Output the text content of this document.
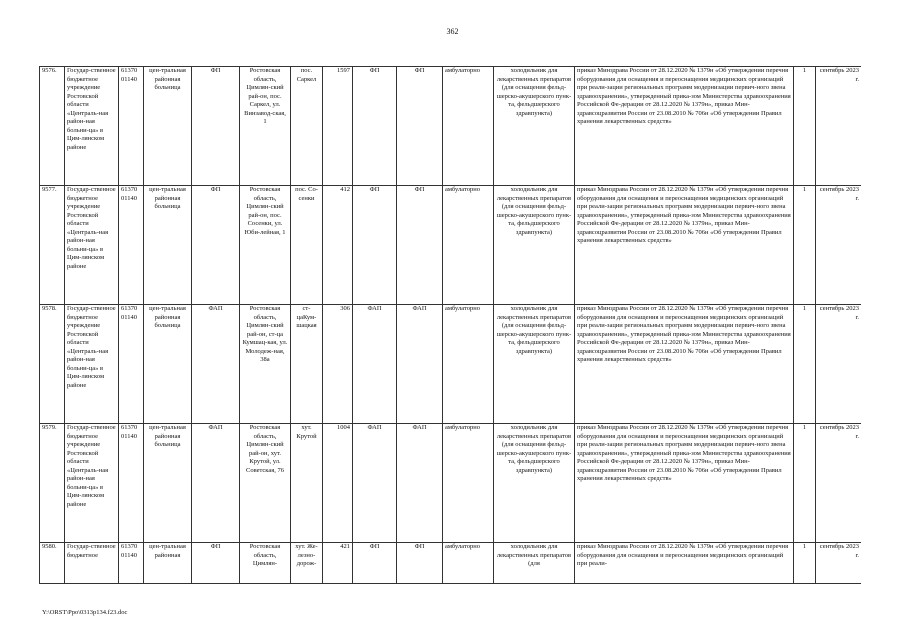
362
9576.	Государ-ственное бюджетное учреждение Ростовской области «Централь-ная район-ная больни-ца» в Цим-лянском районе	61370 01140	цен-тральная районная больница	ФП	Ростовская область, Цимлян-ский рай-он, пос. Саркел, ул. Винзавод-ская, 1	пос. Саркел	1597	ФП	ФП	амбулаторно	холодильник для лекарственных препаратов (для оснащения фельд-шерско-акушерского пунк-та, фельдшерского здравпункта)	приказ Минздрава России от 28.12.2020 № 1379н «Об утверждении перечня оборудования для оснащения и переоснащения медицинских организаций при реали-зации региональных программ модернизации первич-ного звена здравоохранения», утвержденный прика-зом Министерства здравоохранения Российской Фе-дерации от 28.12.2020 № 1379н», приказ Мин-здравсоцразвития России от 23.08.2010 № 706н «Об утверждении Правил хранения лекарственных средств»	1	сентябрь 2023 г.
9577.	Государ-ственное бюджетное учреждение Ростовской области «Централь-ная район-ная больни-ца» в Цим-лянском районе	61370 01140	цен-тральная районная больница	ФП	Ростовская область, Цимлян-ский рай-он, пос. Сосенки, ул. Юби-лейная, 1	пос. Со-сенки	412	ФП	ФП	амбулаторно	холодильник для лекарственных препаратов (для оснащения фельд-шерско-акушерского пунк-та, фельдшерского здравпункта)	приказ Минздрава России от 28.12.2020 № 1379н «Об утверждении перечня оборудования для оснащения и переоснащения медицинских организаций при реали-зации региональных программ модернизации первич-ного звена здравоохранения», утвержденный прика-зом Министерства здравоохранения Российской Фе-дерации от 28.12.2020 № 1379н», приказ Мин-здравсоцразвития России от 23.08.2010 № 706н «Об утверждении Правил хранения лекарственных средств»	1	сентябрь 2023 г.
9578.	Государ-ственное бюджетное учреждение Ростовской области «Централь-ная район-ная больни-ца» в Цим-лянском районе	61370 01140	цен-тральная районная больница	ФАП	Ростовская область, Цимлян-ский рай-он, ст-ца Кумшац-кая, ул. Молодеж-ная, 38а	ст-цаКум-шацкая	306	ФАП	ФАП	амбулаторно	холодильник для лекарственных препаратов (для оснащения фельд-шерско-акушерского пунк-та, фельдшерского здравпункта)	приказ Минздрава России от 28.12.2020 № 1379н «Об утверждении перечня оборудования для оснащения и переоснащения медицинских организаций при реали-зации региональных программ модернизации первич-ного звена здравоохранения», утвержденный прика-зом Министерства здравоохранения Российской Фе-дерации от 28.12.2020 № 1379н», приказ Мин-здравсоцразвития России от 23.08.2010 № 706н «Об утверждении Правил хранения лекарственных средств»	1	сентябрь 2023 г.
9579.	Государ-ственное бюджетное учреждение Ростовской области «Централь-ная район-ная больни-ца» в Цим-лянском районе	61370 01140	цен-тральная районная больница	ФАП	Ростовская область, Цимлян-ский рай-он, хут. Крутой, ул. Советская, 76	хут. Крутой	1004	ФАП	ФАП	амбулаторно	холодильник для лекарственных препаратов (для оснащения фельд-шерско-акушерского пунк-та, фельдшерского здравпункта)	приказ Минздрава России от 28.12.2020 № 1379н «Об утверждении перечня оборудования для оснащения и переоснащения медицинских организаций при реали-зации региональных программ модернизации первич-ного звена здравоохранения», утвержденный прика-зом Министерства здравоохранения Российской Фе-дерации от 28.12.2020 № 1379н», приказ Мин-здравсоцразвития России от 23.08.2010 № 706н «Об утверждении Правил хранения лекарственных средств»	1	сентябрь 2023 г.
9580.	Государ-ственное бюджетное	61370 01140	цен-тральная районная	ФП	Ростовская область, Цимлян-	хут. Же-лезно-дорож-	421	ФП	ФП	амбулаторно	холодильник для лекарственных препаратов (для	приказ Минздрава России от 28.12.2020 № 1379н «Об утверждении перечня оборудования для оснащения и переоснащения медицинских организаций при реали-	1	сентябрь 2023 г.
Y:\ORST\Ppo\0313p134.f23.doc
